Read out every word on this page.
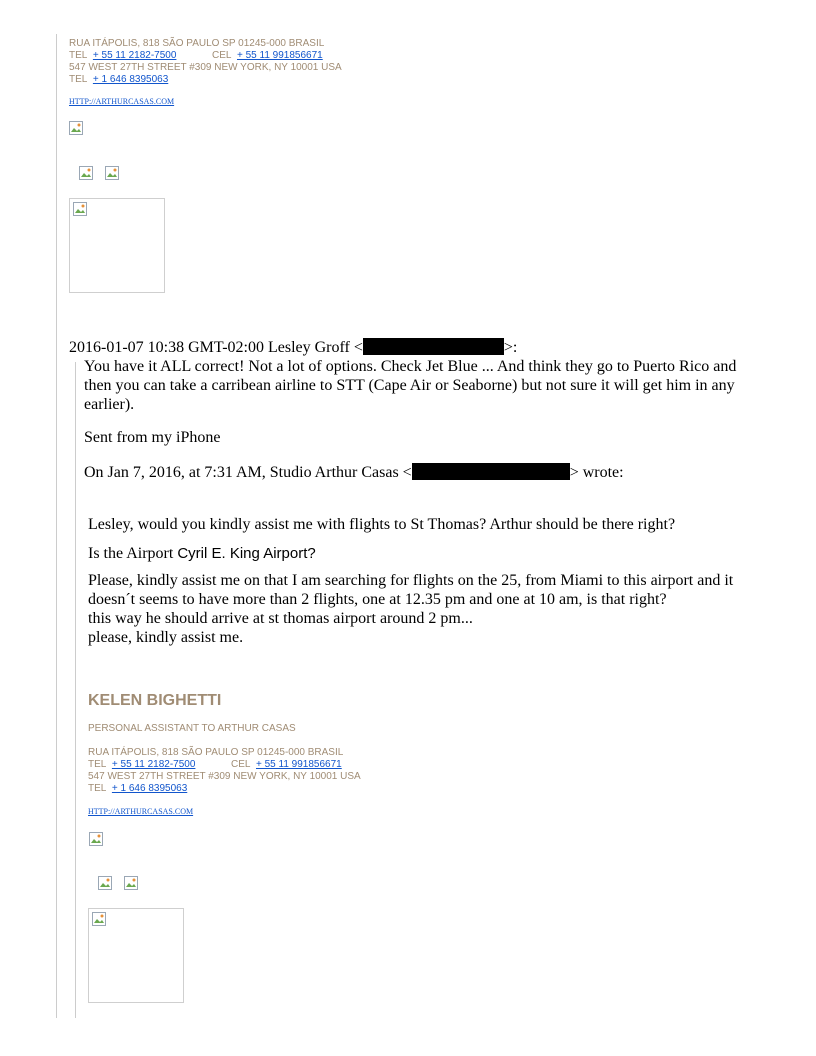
RUA ITÁPOLIS, 818 SÃO PAULO SP 01245-000 BRASIL
TEL + 55 11 2182-7500	CEL + 55 11 991856671
547 WEST 27TH STREET #309 NEW YORK, NY 10001 USA
TEL + 1 646 8395063
HTTP://ARTHURCASAS.COM
2016-01-07 10:38 GMT-02:00 Lesley Groff <	>:
You have it ALL correct! Not a lot of options. Check Jet Blue ... And think they go to Puerto Rico and
then you can take a carribean airline to STT (Cape Air or Seaborne) but not sure it will get him in any
earlier).
Sent from my iPhone
On Jan 7, 2016, at 7:31 AM, Studio Arthur Casas <	> wrote:
Lesley, would you kindly assist me with flights to St Thomas? Arthur should be there right?
Is the Airport Cyril E. King Airport?
Please, kindly assist me on that I am searching for flights on the 25, from Miami to this airport and it
doesn´t seems to have more than 2 flights, one at 12.35 pm and one at 10 am, is that right?
this way he should arrive at st thomas airport around 2 pm...
please, kindly assist me.
KELEN BIGHETTI
PERSONAL ASSISTANT TO ARTHUR CASAS
RUA ITÁPOLIS, 818 SÃO PAULO SP 01245-000 BRASIL
TEL + 55 11 2182-7500	CEL + 55 11 991856671
547 WEST 27TH STREET #309 NEW YORK, NY 10001 USA
TEL + 1 646 8395063
HTTP://ARTHURCASAS.COM
